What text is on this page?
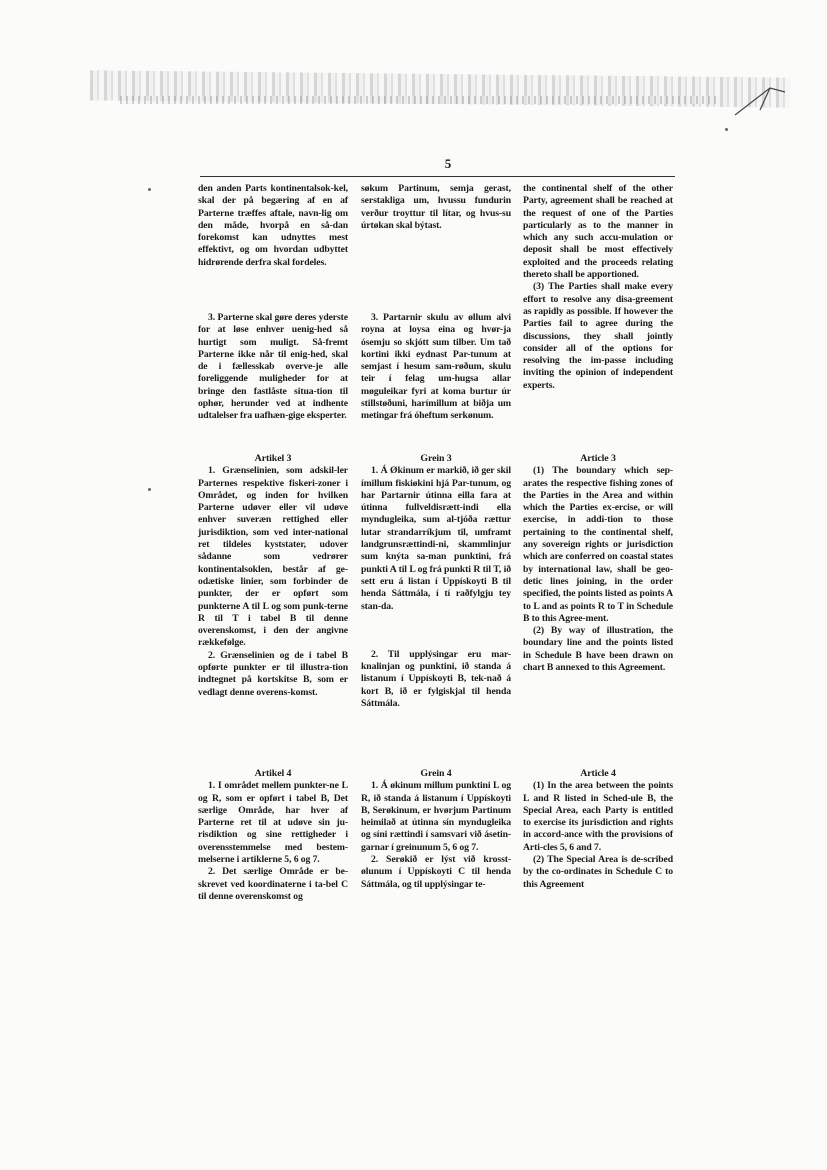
5

den anden Parts kontinentalsok-kel, skal der på begæring af en af Parterne træffes aftale, navn-lig om den måde, hvorpå en så-dan forekomst kan udnyttes mest effektivt, og om hvordan udbyttet hidrørende derfra skal fordeles.

3. Parterne skal gøre deres yderste for at løse enhver uenig-hed så hurtigt som muligt. Så-fremt Parterne ikke når til enig-hed, skal de i fællesskab overve-je alle foreliggende muligheder for at bringe den fastlåste situa-tion til ophør, herunder ved at indhente udtalelser fra uafhæn-gige eksperter.

Artikel 3

1. Grænselinien, som adskil-ler Parternes respektive fiskeri-zoner i Området, og inden for hvilken Parterne udøver eller vil udøve enhver suveræn rettighed eller jurisdiktion, som ved inter-national ret tildeles kyststater, udover sådanne som vedrører kontinentalsoklen, består af ge-odætiske linier, som forbinder de punkter, der er opført som punkterne A til L og som punk-terne R til T i tabel B til denne overenskomst, i den der angivne rækkefølge.

2. Grænselinien og de i tabel B opførte punkter er til illustra-tion indtegnet på kortskitse B, som er vedlagt denne overens-komst.

Artikel 4

1. I området mellem punkter-ne L og R, som er opført i tabel B, Det særlige Område, har hver af Parterne ret til at udøve sin ju-risdiktion og sine rettigheder i overensstemmelse med bestem-melserne i artiklerne 5, 6 og 7.

2. Det særlige Område er be-skrevet ved koordinaterne i ta-bel C til denne overenskomst og

søkum Partinum, semja gerast, serstakliga um, hvussu fundurin verður troyttur til lítar, og hvus-su úrtøkan skal býtast.

3. Partarnir skulu av øllum alvi royna at loysa eina og hvør-ja ósemju so skjótt sum tilber. Um tað kortini ikki eydnast Par-tunum at semjast í hesum sam-røðum, skulu teir í felag um-hugsa allar møguleikar fyri at koma burtur úr stillstøðuni, harímillum at biðja um metingar frá óheftum serkønum.

Grein 3

1. Á Økinum er markið, ið ger skil ímillum fiskiøkini hjá Par-tunum, og har Partarnir útinna eilla fara at útinna fullveldisrætt-indi ella myndugleika, sum al-tjóða rættur lutar strandarríkjum til, umframt landgrunsrættindi-ni, skammlinjur sum knýta sa-man punktini, frá punkti A til L og frá punkti R til T, ið sett eru á listan í Uppískoyti B til henda Sáttmála, í tí raðfylgju tey stan-da.

2. Til upplýsingar eru mar-knalinjan og punktini, ið standa á listanum í Uppískoyti B, tek-nað á kort B, ið er fylgiskjal til henda Sáttmála.

Grein 4

1. Á økinum millum punktini L og R, ið standa á listanum í Uppískoyti B, Serøkinum, er hvørjum Partinum heimilað at útinna sín myndugleika og síni rættindi í samsvari við ásetin-garnar í greinunum 5, 6 og 7.

2. Serøkið er lýst við krosst-ølunum í Uppískoyti C til henda Sáttmála, og til upplýsingar te-

the continental shelf of the other Party, agreement shall be reached at the request of one of the Parties particularly as to the manner in which any such accu-mulation or deposit shall be most effectively exploited and the proceeds relating thereto shall be apportioned.

(3) The Parties shall make every effort to resolve any disa-greement as rapidly as possible. If however the Parties fail to agree during the discussions, they shall jointly consider all of the options for resolving the im-passe including inviting the opinion of independent experts.

Article 3

(1) The boundary which sep-arates the respective fishing zones of the Parties in the Area and within which the Parties ex-ercise, or will exercise, in addi-tion to those pertaining to the continental shelf, any sovereign rights or jurisdiction which are conferred on coastal states by international law, shall be geo-detic lines joining, in the order specified, the points listed as points A to L and as points R to T in Schedule B to this Agree-ment.

(2) By way of illustration, the boundary line and the points listed in Schedule B have been drawn on chart B annexed to this Agreement.

Article 4

(1) In the area between the points L and R listed in Sched-ule B, the Special Area, each Party is entitled to exercise its jurisdiction and rights in accord-ance with the provisions of Arti-cles 5, 6 and 7.

(2) The Special Area is de-scribed by the co-ordinates in Schedule C to this Agreement
